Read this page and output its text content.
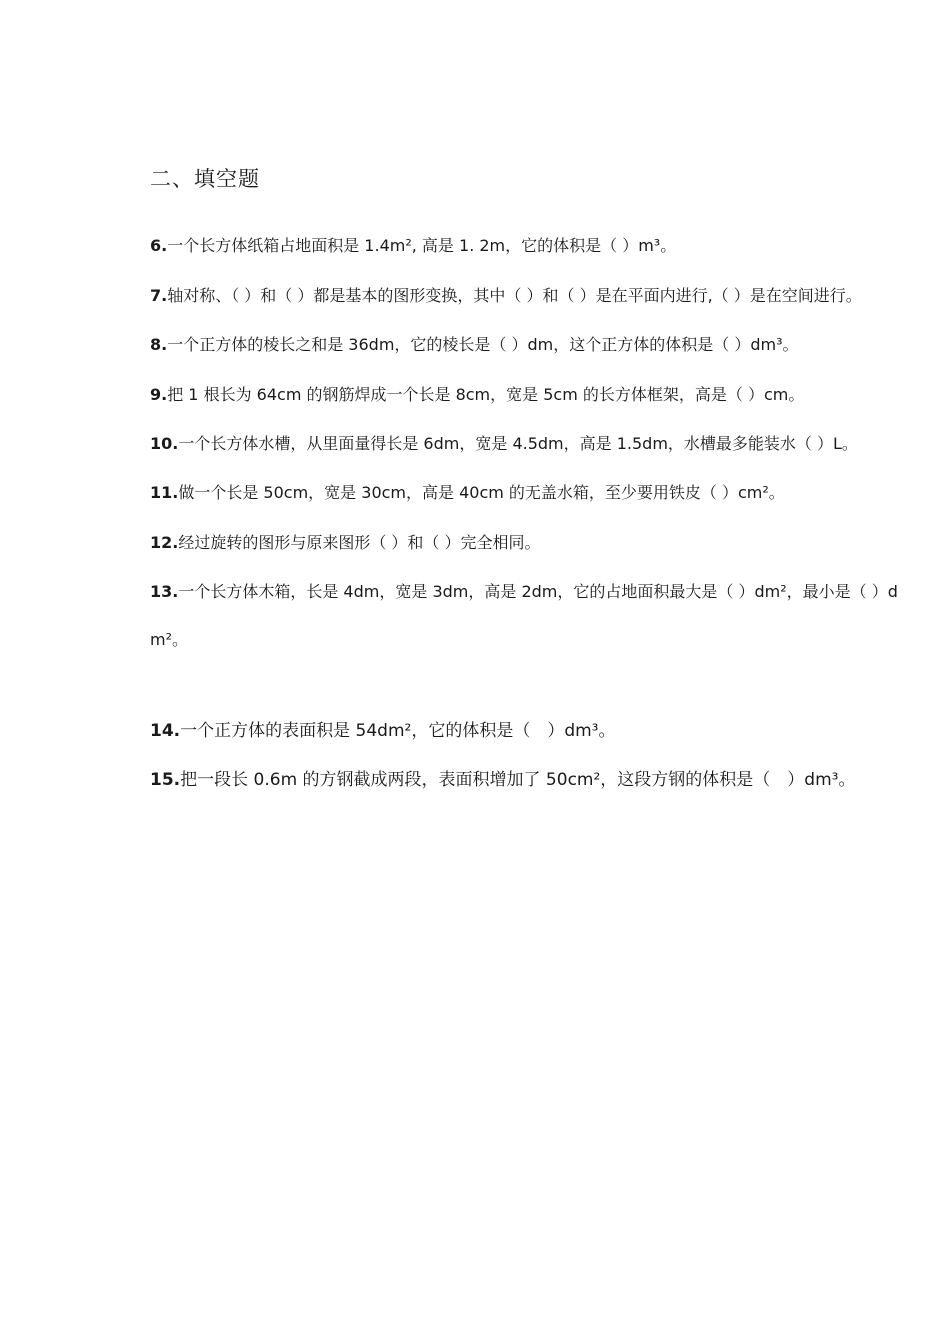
二、填空题
6.一个长方体纸箱占地面积是 1.4m², 高是 1. 2m，它的体积是（ ）m³。
7.轴对称、（ ）和（ ）都是基本的图形变换，其中（ ）和（ ）是在平面内进行,（ ）是在空间进行。
8.一个正方体的棱长之和是 36dm，它的棱长是（ ）dm，这个正方体的体积是（ ）dm³。
9.把 1 根长为 64cm 的钢筋焊成一个长是 8cm，宽是 5cm 的长方体框架，高是（ ）cm。
10.一个长方体水槽，从里面量得长是 6dm，宽是 4.5dm，高是 1.5dm，水槽最多能装水（ ）L。
11.做一个长是 50cm，宽是 30cm，高是 40cm 的无盖水箱，至少要用铁皮（ ）cm²。
12.经过旋转的图形与原来图形（ ）和（ ）完全相同。
13.一个长方体木箱，长是 4dm，宽是 3dm，高是 2dm，它的占地面积最大是（ ）dm²，最小是（ ）d
m²。
14.一个正方体的表面积是 54dm²，它的体积是（　）dm³。
15.把一段长 0.6m 的方钢截成两段，表面积增加了 50cm²，这段方钢的体积是（　）dm³。
